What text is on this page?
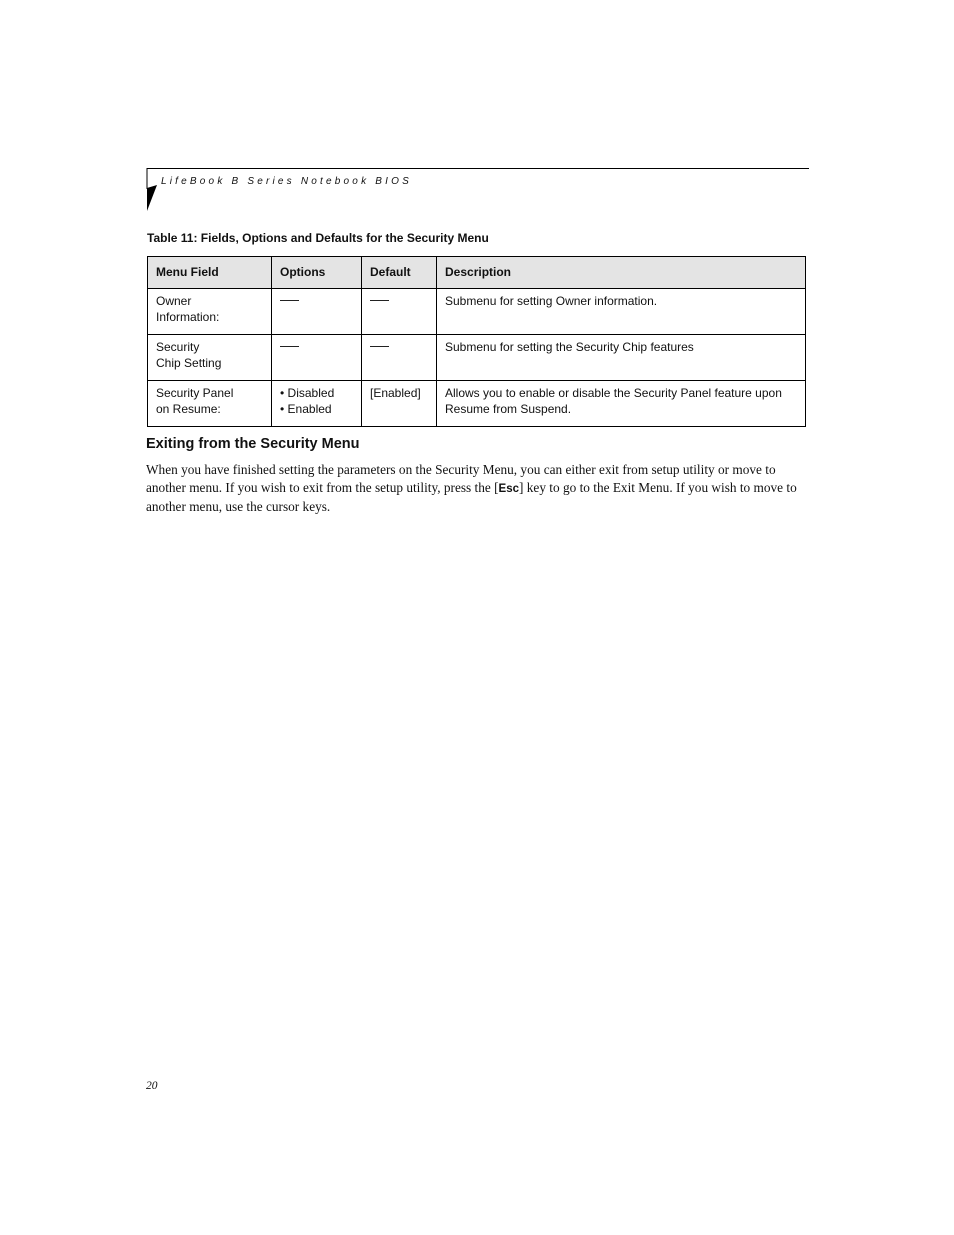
LifeBook B Series Notebook BIOS
Table 11: Fields, Options and Defaults for the Security Menu
Menu Field	Options	Default	Description

Owner
Information:			Submenu for setting Owner information.

Security
Chip Setting			Submenu for setting the Security Chip features

Security Panel
on Resume:	• Disabled
• Enabled	[Enabled]	Allows you to enable or disable the Security Panel feature upon Resume from Suspend.
Exiting from the Security Menu

When you have finished setting the parameters on the Security Menu, you can either exit from setup utility or move to another menu. If you wish to exit from the setup utility, press the [Esc] key to go to the Exit Menu. If you wish to move to another menu, use the cursor keys.

20
